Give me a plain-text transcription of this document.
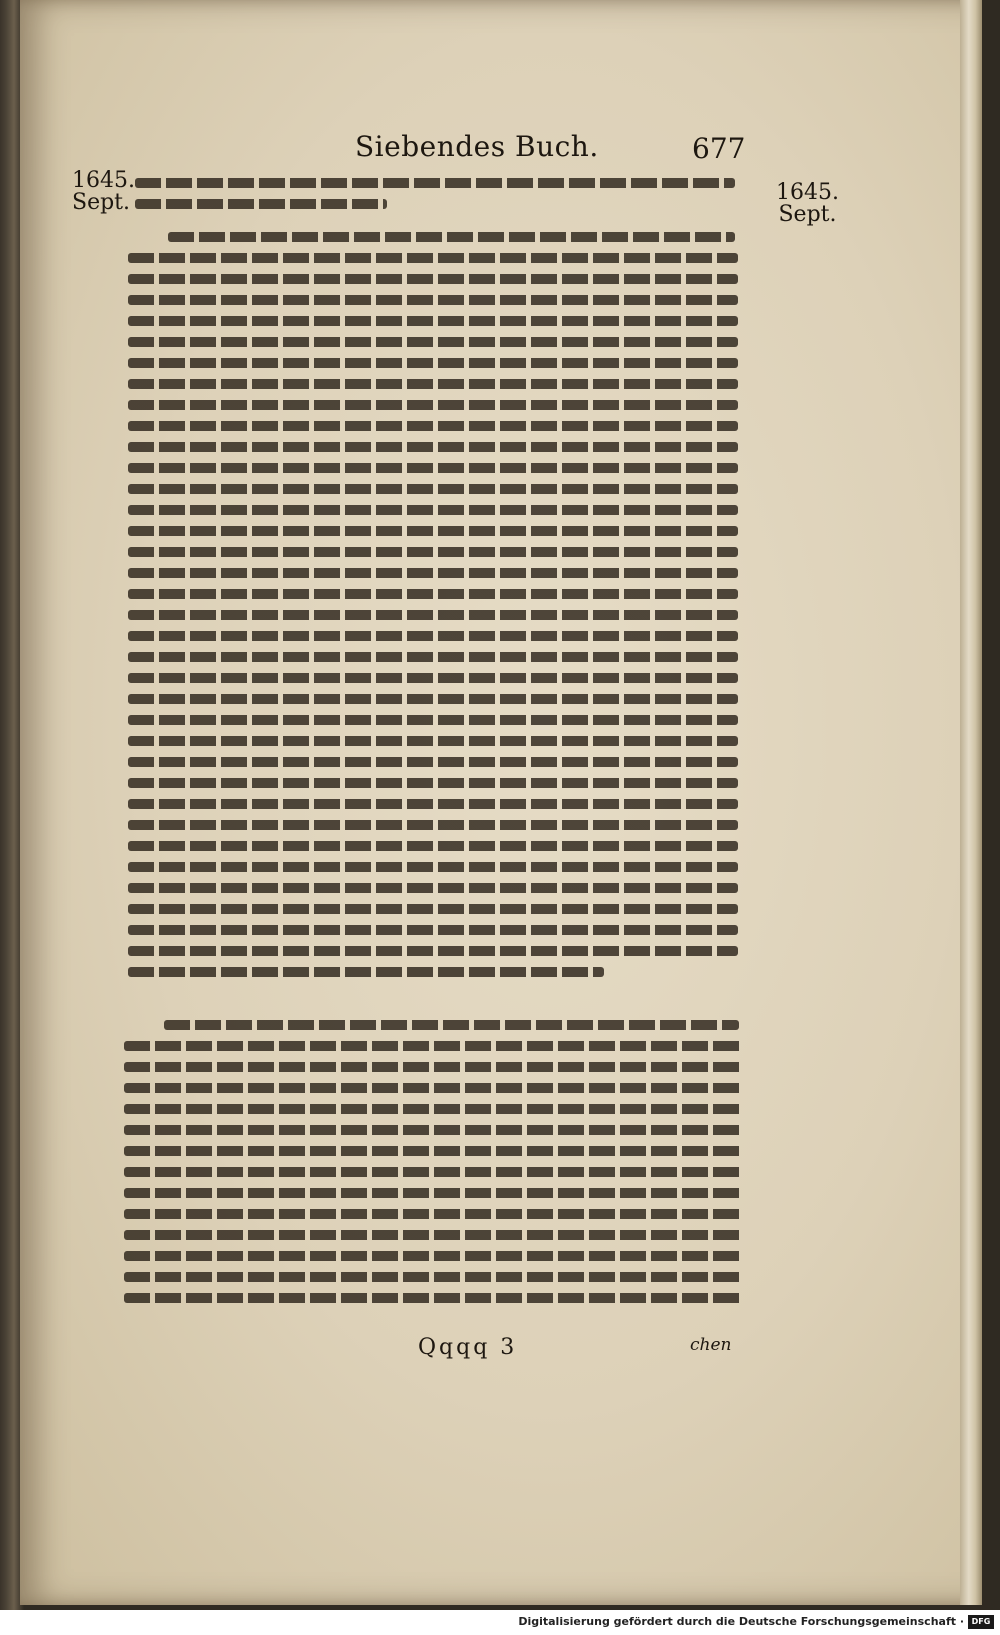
Siebendes Buch.	677
1645.
Sept.	1645.
Sept.
Qqqq 3	chen
Digitalisierung gefördert durch die Deutsche Forschungsgemeinschaft · DFG
